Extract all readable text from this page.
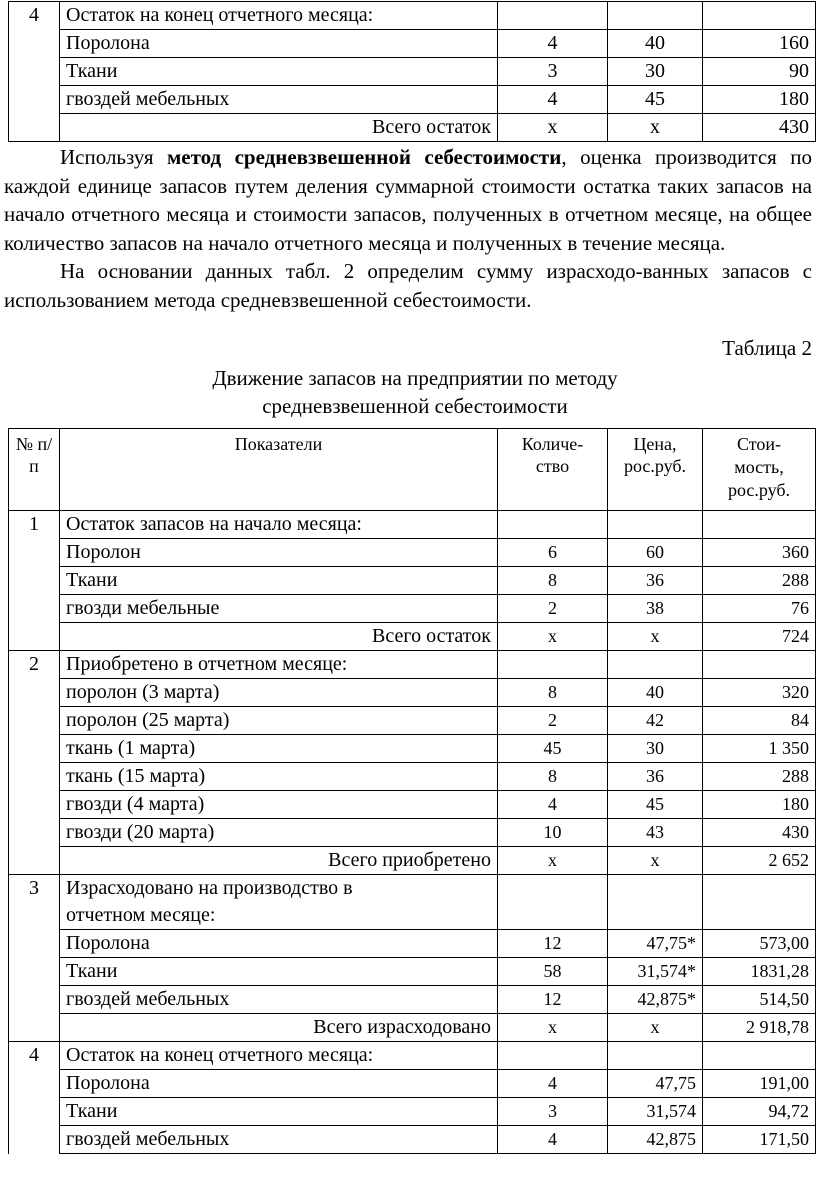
4	Остаток на конец отчетного месяца:			
	Поролона	4	40	160
	Ткани	3	30	90
	гвоздей мебельных	4	45	180
	Всего остаток	х	х	430

Используя метод средневзвешенной себестоимости, оценка производится по каждой единице запасов путем деления суммарной стоимости остатка таких запасов на начало отчетного месяца и стоимости запасов, полученных в отчетном месяце, на общее количество запасов на начало отчетного месяца и полученных в течение месяца.

На основании данных табл. 2 определим сумму израсходо-ванных запасов с использованием метода средневзвешенной себестоимости.

Таблица 2
Движение запасов на предприятии по методу
средневзвешенной себестоимости
№ п/п	Показатели	Количе-ство	Цена, рос.руб.	Стои-мость, рос.руб.
1	Остаток запасов на начало месяца:			
	Поролон	6	60	360
	Ткани	8	36	288
	гвозди мебельные	2	38	76
	Всего остаток	х	х	724
2	Приобретено в отчетном месяце:			
	поролон (3 марта)	8	40	320
	поролон (25 марта)	2	42	84
	ткань (1 марта)	45	30	1 350
	ткань (15 марта)	8	36	288
	гвозди (4 марта)	4	45	180
	гвозди (20 марта)	10	43	430
	Всего приобретено	х	х	2 652
3	Израсходовано на производство в
отчетном месяце:			
	Поролона	12	47,75*	573,00
	Ткани	58	31,574*	1831,28
	гвоздей мебельных	12	42,875*	514,50
	Всего израсходовано	х	х	2 918,78
4	Остаток на конец отчетного месяца:			
	Поролона	4	47,75	191,00
	Ткани	3	31,574	94,72
	гвоздей мебельных	4	42,875	171,50
